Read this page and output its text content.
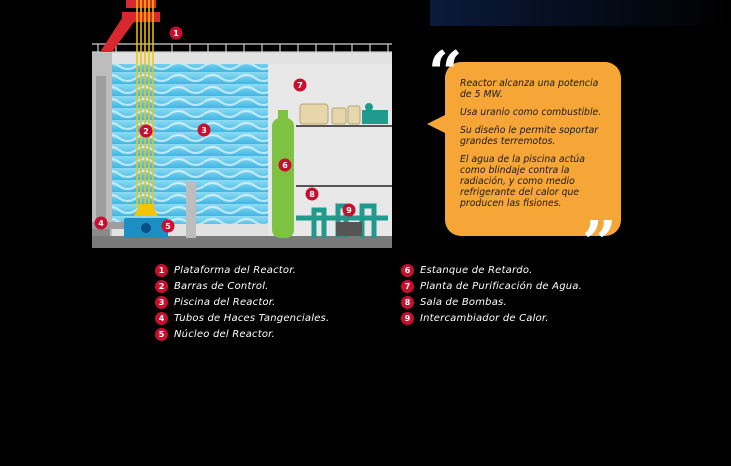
1
2	3
4	5
6
7
8
9
“
”

Reactor alcanza una potencia de 5 MW.

Usa uranio como combustible.

Su diseño le permite soportar grandes terremotos.

El agua de la piscina actúa como blindaje contra la radiación, y como medio refrigerante del calor que producen las fisiones.

1 Plataforma del Reactor.
2 Barras de Control.
3 Piscina del Reactor.
4 Tubos de Haces Tangenciales.
5 Núcleo del Reactor.
6 Estanque de Retardo.
7 Planta de Purificación de Agua.
8 Sala de Bombas.
9 Intercambiador de Calor.
